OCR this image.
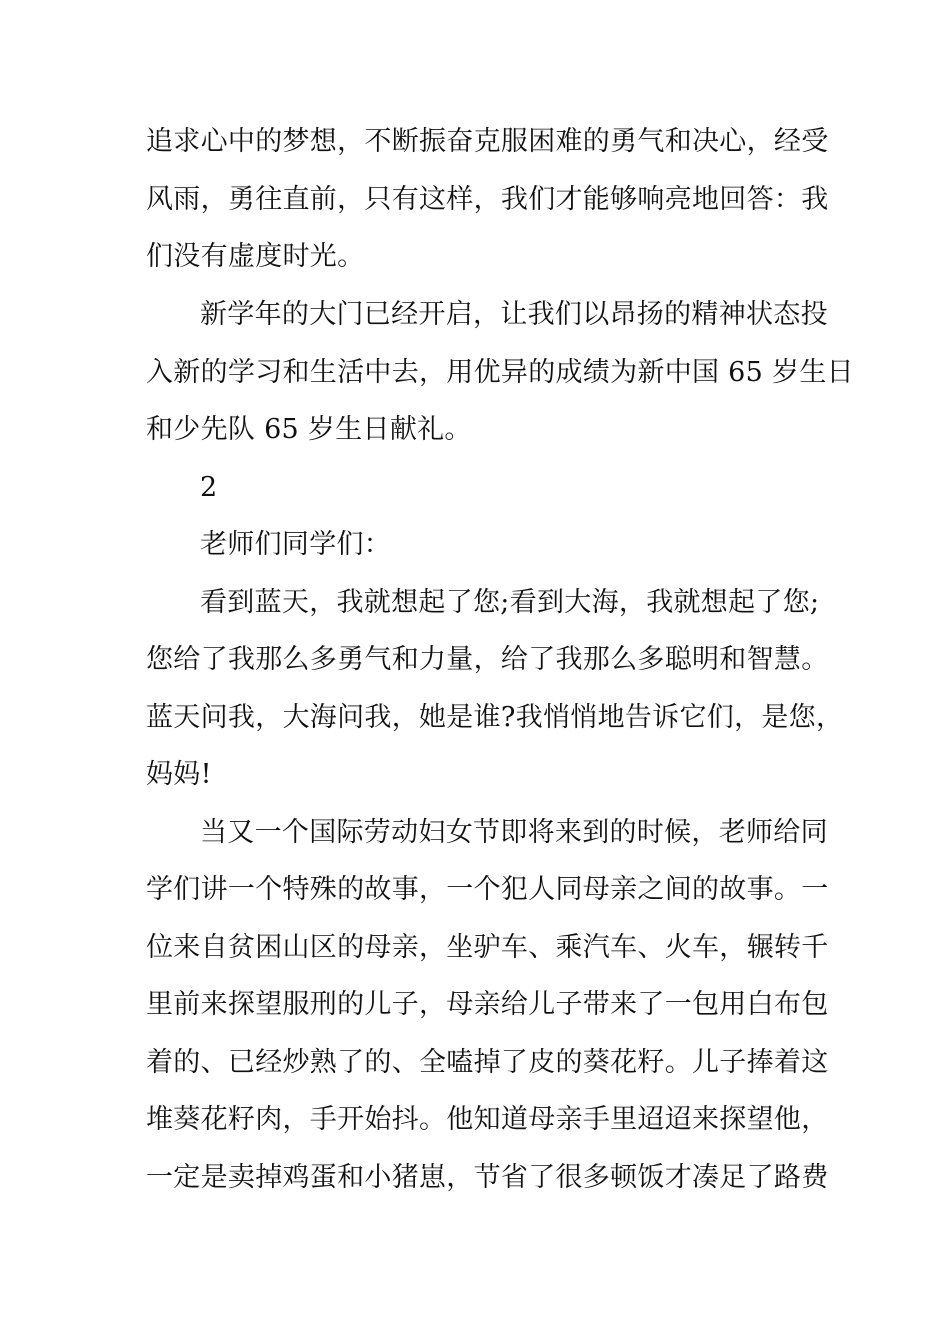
追求心中的梦想，不断振奋克服困难的勇气和决心，经受
风雨，勇往直前，只有这样，我们才能够响亮地回答：我
们没有虚度时光。
新学年的大门已经开启，让我们以昂扬的精神状态投
入新的学习和生活中去，用优异的成绩为新中国 65 岁生日
和少先队 65 岁生日献礼。
2
老师们同学们：
看到蓝天，我就想起了您;看到大海，我就想起了您;
您给了我那么多勇气和力量，给了我那么多聪明和智慧。
蓝天问我，大海问我，她是谁?我悄悄地告诉它们，是您，
妈妈!
当又一个国际劳动妇女节即将来到的时候，老师给同
学们讲一个特殊的故事，一个犯人同母亲之间的故事。一
位来自贫困山区的母亲，坐驴车、乘汽车、火车，辗转千
里前来探望服刑的儿子，母亲给儿子带来了一包用白布包
着的、已经炒熟了的、全嗑掉了皮的葵花籽。儿子捧着这
堆葵花籽肉，手开始抖。他知道母亲手里迢迢来探望他，
一定是卖掉鸡蛋和小猪崽，节省了很多顿饭才凑足了路费
